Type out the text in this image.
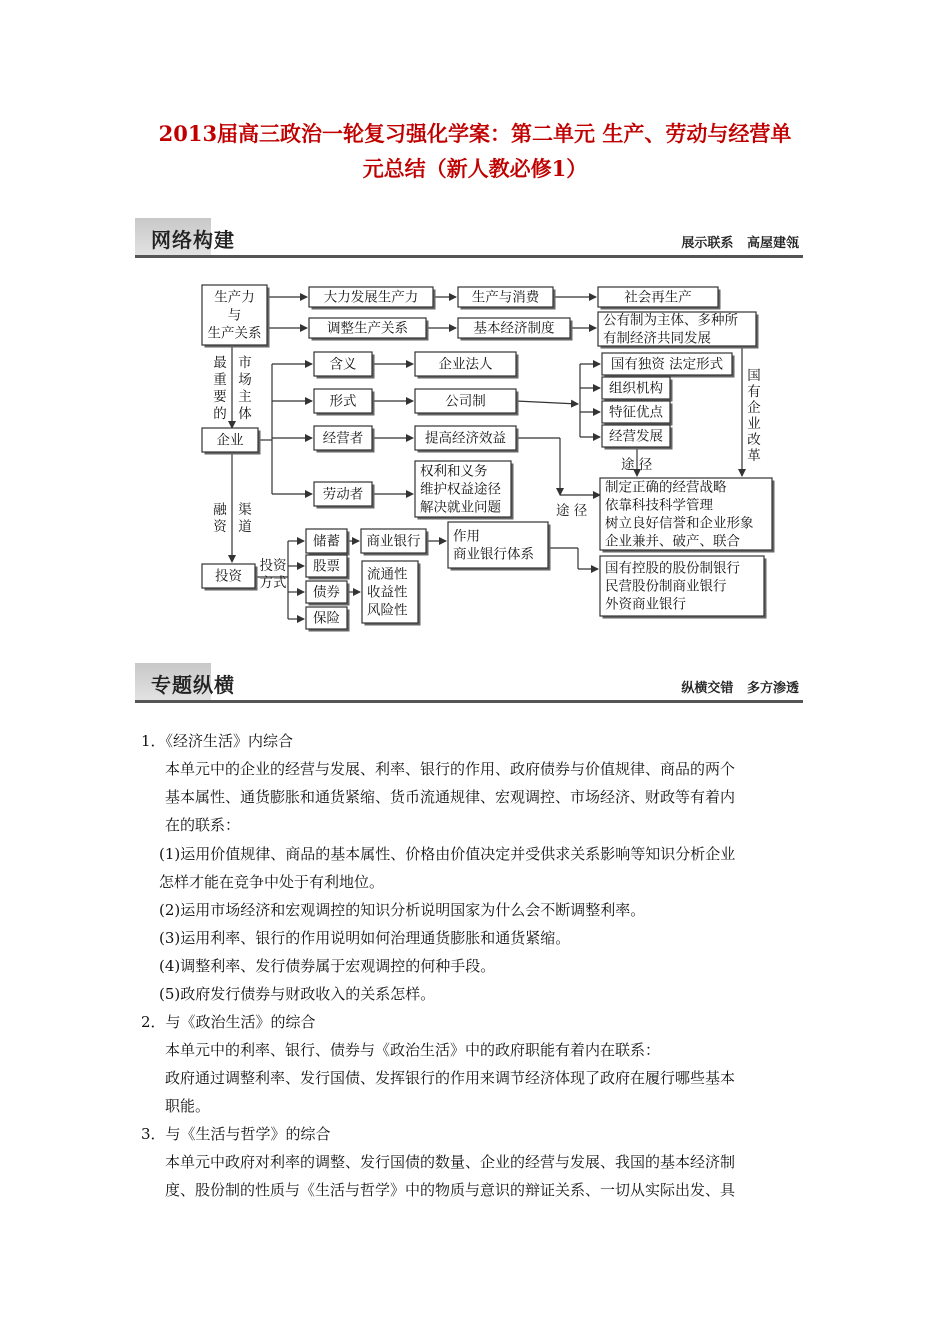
2013届高三政治一轮复习强化学案：第二单元 生产、劳动与经营单
元总结（新人教必修1）
网络构建	展示联系   高屋建瓴
生产力
与
生产关系
大力发展生产力	生产与消费	社会再生产
调整生产关系	基本经济制度	公有制为主体、多种所
有制经济共同发展
企业
含义	企业法人
形式	公司制
经营者	提高经济效益
劳动者
权利和义务
维护权益途径
解决就业问题
国有独资 法定形式
组织机构
特征优点
经营发展
制定正确的经营战略
依靠科技科学管理
树立良好信誉和企业形象
企业兼并、破产、联合
投资
储蓄 商业银行 作用
商业银行体系
股票
债券
保险
流通性
收益性
风险性
国有控股的股份制银行
民营股份制商业银行
外资商业银行
最
重
要
的
市
场
主
体
国
有
企
业
改
革
融
资
渠
道
途 径
途 径
投资
方式
专题纵横	纵横交错   多方渗透
1．《经济生活》内综合
本单元中的企业的经营与发展、利率、银行的作用、政府债券与价值规律、商品的两个
基本属性、通货膨胀和通货紧缩、货币流通规律、宏观调控、市场经济、财政等有着内
在的联系：
(1)运用价值规律、商品的基本属性、价格由价值决定并受供求关系影响等知识分析企业
怎样才能在竞争中处于有利地位。
(2)运用市场经济和宏观调控的知识分析说明国家为什么会不断调整利率。
(3)运用利率、银行的作用说明如何治理通货膨胀和通货紧缩。
(4)调整利率、发行债券属于宏观调控的何种手段。
(5)政府发行债券与财政收入的关系怎样。
2．与《政治生活》的综合
本单元中的利率、银行、债券与《政治生活》中的政府职能有着内在联系：
政府通过调整利率、发行国债、发挥银行的作用来调节经济体现了政府在履行哪些基本
职能。
3．与《生活与哲学》的综合
本单元中政府对利率的调整、发行国债的数量、企业的经营与发展、我国的基本经济制
度、股份制的性质与《生活与哲学》中的物质与意识的辩证关系、一切从实际出发、具
